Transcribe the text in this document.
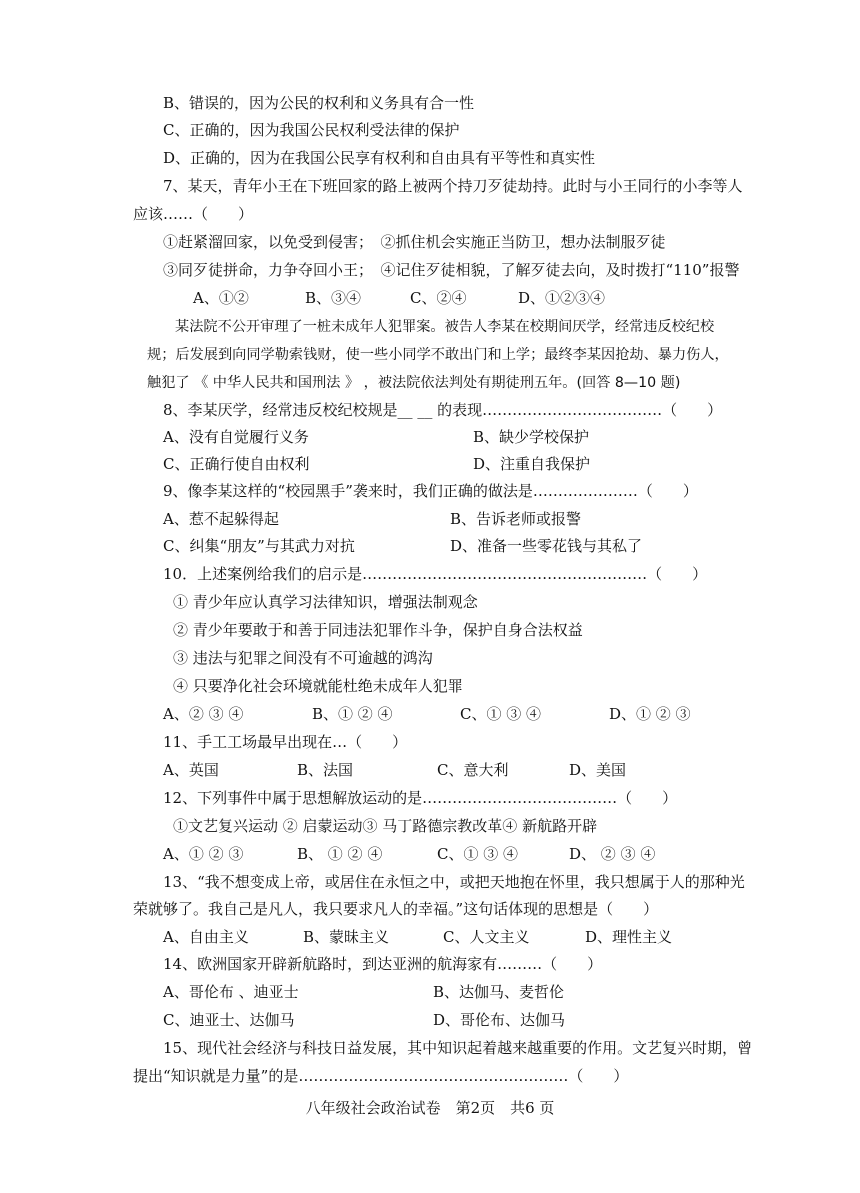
B、错误的，因为公民的权利和义务具有合一性
C、正确的，因为我国公民权利受法律的保护
D、正确的，因为在我国公民享有权利和自由具有平等性和真实性
7、某天，青年小王在下班回家的路上被两个持刀歹徒劫持。此时与小王同行的小李等人
应该……（　　）
①赶紧溜回家，以免受到侵害；　②抓住机会实施正当防卫，想办法制服歹徒
③同歹徒拼命，力争夺回小王；　④记住歹徒相貌，了解歹徒去向，及时拨打“110”报警
A、①②	B、③④	C、②④	D、①②③④
某法院不公开审理了一桩未成年人犯罪案。被告人李某在校期间厌学，经常违反校纪校
规；后发展到向同学勒索钱财，使一些小同学不敢出门和上学；最终李某因抢劫、暴力伤人，
触犯了 《 中华人民共和国刑法 》 ，被法院依法判处有期徒刑五年。(回答 8—10 题)
8、李某厌学，经常违反校纪校规是__ __ 的表现………………………………（　　）
A、没有自觉履行义务	B、缺少学校保护
C、正确行使自由权利	D、注重自我保护
9、像李某这样的“校园黑手”袭来时，我们正确的做法是…………………（　　）
A、惹不起躲得起	B、告诉老师或报警
C、纠集“朋友”与其武力对抗	D、准备一些零花钱与其私了
10．上述案例给我们的启示是…………………………………………………（　　）
① 青少年应认真学习法律知识，增强法制观念
② 青少年要敢于和善于同违法犯罪作斗争，保护自身合法权益
③ 违法与犯罪之间没有不可逾越的鸿沟
④ 只要净化社会环境就能杜绝未成年人犯罪
A、② ③ ④	B、① ② ④	C、① ③ ④	D、① ② ③
11、手工工场最早出现在…（　　）
A、英国	B、法国	C、意大利	D、美国
12、下列事件中属于思想解放运动的是…………………………………（　　）
①文艺复兴运动 ② 启蒙运动③ 马丁路德宗教改革④ 新航路开辟
A、① ② ③	B、 ① ② ④	C、① ③ ④	D、 ② ③ ④
13、“我不想变成上帝，或居住在永恒之中，或把天地抱在怀里，我只想属于人的那种光
荣就够了。我自己是凡人，我只要求凡人的幸福。”这句话体现的思想是（　　）
A、自由主义	B、蒙昧主义	C、人文主义	D、理性主义
14、欧洲国家开辟新航路时，到达亚洲的航海家有………（　　）
A、哥伦布 、迪亚士	B、达伽马、麦哲伦
C、迪亚士、达伽马	D、哥伦布、达伽马
15、现代社会经济与科技日益发展，其中知识起着越来越重要的作用。文艺复兴时期，曾
提出“知识就是力量”的是………………………………………………（　　）
八年级社会政治试卷　第2页　共6 页
